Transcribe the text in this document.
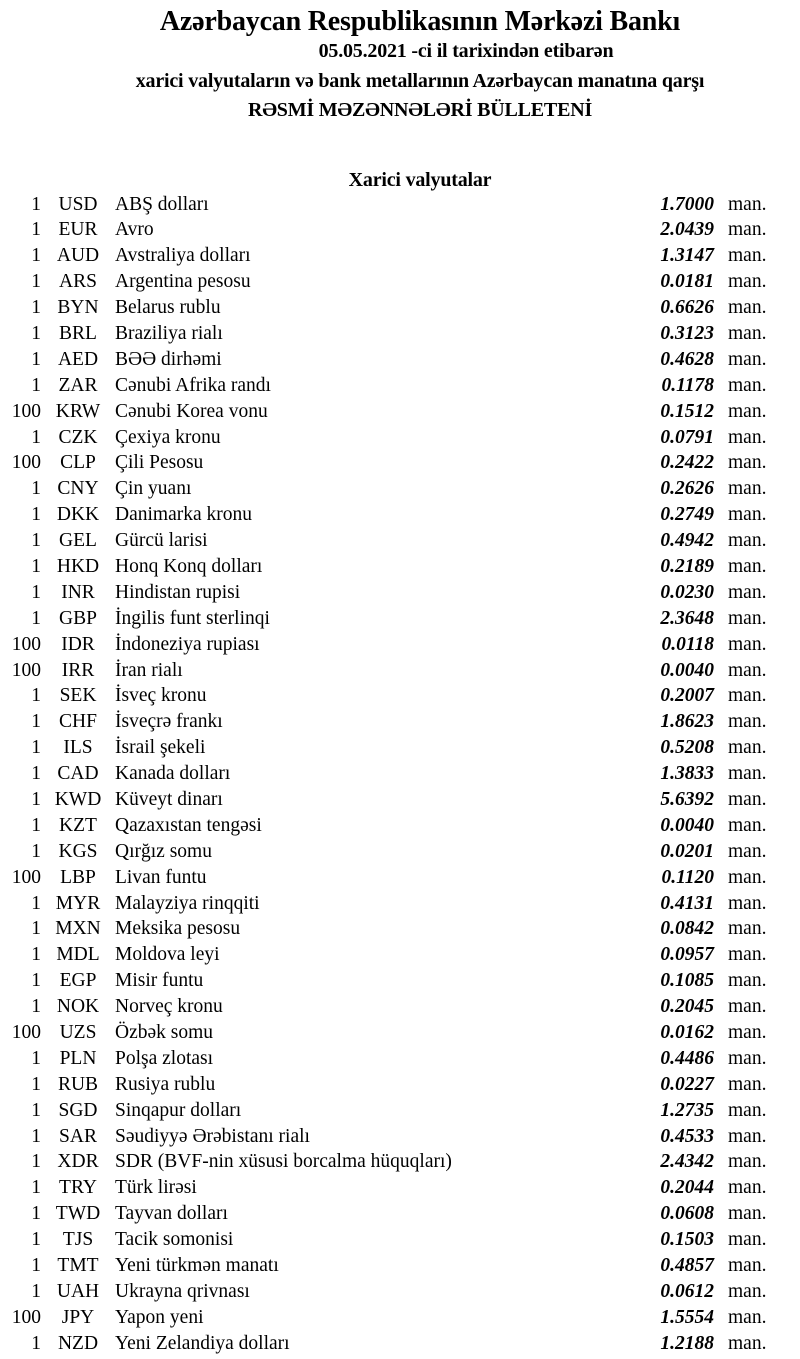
Azərbaycan Respublikasının Mərkəzi Bankı
05.05.2021 -ci il tarixindən etibarən
xarici valyutaların və bank metallarının Azərbaycan manatına qarşı
RƏSMİ MƏZƏNNƏLƏRİ BÜLLETENİ
Xarici valyutalar
1 USD ABŞ dolları	1.7000 man.
1 EUR Avro	2.0439 man.
1 AUD Avstraliya dolları	1.3147 man.
1 ARS Argentina pesosu	0.0181 man.
1 BYN Belarus rublu	0.6626 man.
1 BRL Braziliya rialı	0.3123 man.
1 AED BƏƏ dirhəmi	0.4628 man.
1 ZAR Cənubi Afrika randı	0.1178 man.
100 KRW Cənubi Korea vonu	0.1512 man.
1 CZK Çexiya kronu	0.0791 man.
100 CLP Çili Pesosu	0.2422 man.
1 CNY Çin yuanı	0.2626 man.
1 DKK Danimarka kronu	0.2749 man.
1 GEL Gürcü larisi	0.4942 man.
1 HKD Honq Konq dolları	0.2189 man.
1	INR	Hindistan rupisi	0.0230 man.
1 GBP İngilis funt sterlinqi	2.3648 man.
100	IDR	İndoneziya rupiası	0.0118 man.
100	IRR	İran rialı	0.0040 man.
1 SEK İsveç kronu	0.2007 man.
1 CHF İsveçrə frankı	1.8623 man.
1	ILS	İsrail şekeli	0.5208 man.
1 CAD Kanada dolları	1.3833 man.
1 KWD Küveyt dinarı	5.6392 man.
1 KZT Qazaxıstan tengəsi	0.0040 man.
1 KGS Qırğız somu	0.0201 man.
100 LBP Livan funtu	0.1120 man.
1 MYR Malayziya rinqqiti	0.4131 man.
1 MXN Meksika pesosu	0.0842 man.
1 MDL Moldova leyi	0.0957 man.
1 EGP Misir funtu	0.1085 man.
1 NOK Norveç kronu	0.2045 man.
100 UZS Özbək somu	0.0162 man.
1 PLN Polşa zlotası	0.4486 man.
1 RUB Rusiya rublu	0.0227 man.
1 SGD Sinqapur dolları	1.2735 man.
1 SAR Səudiyyə Ərəbistanı rialı	0.4533 man.
1 XDR SDR (BVF-nin xüsusi borcalma hüquqları)	2.4342 man.
1 TRY Türk lirəsi	0.2044 man.
1 TWD Tayvan dolları	0.0608 man.
1	TJS	Tacik somonisi	0.1503 man.
1 TMT Yeni türkmən manatı	0.4857 man.
1 UAH Ukrayna qrivnası	0.0612 man.
100	JPY	Yapon yeni	1.5554 man.
1 NZD Yeni Zelandiya dolları	1.2188 man.
